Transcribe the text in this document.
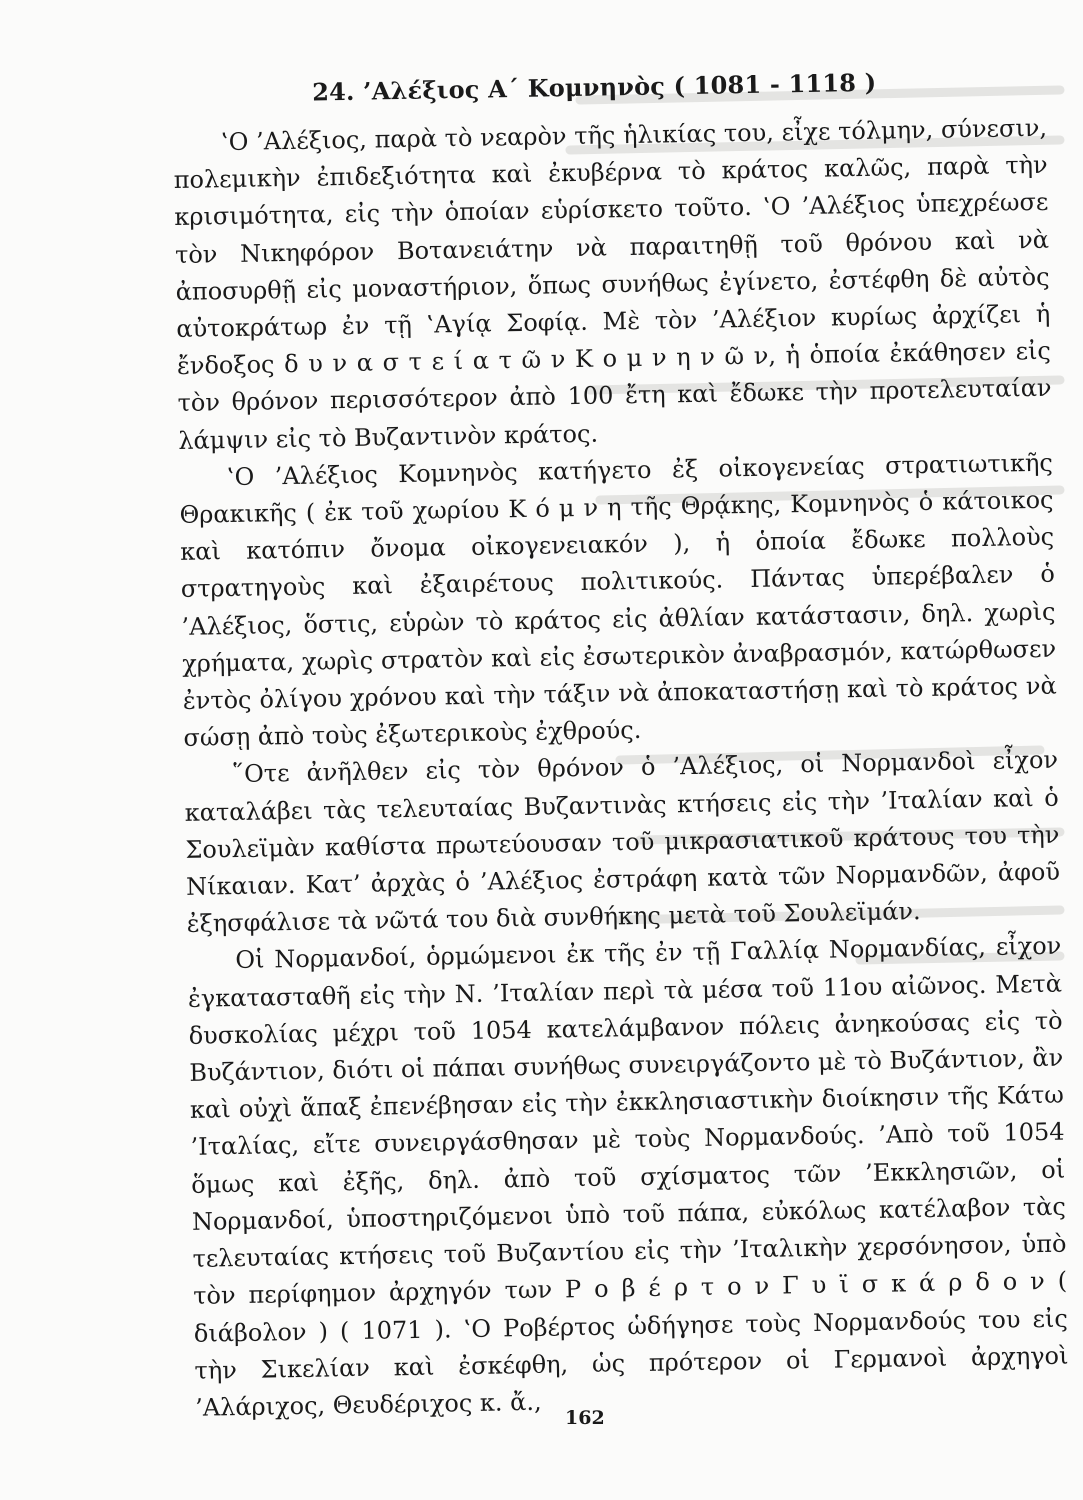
24. ’Αλέξιος Α΄ Κομνηνὸς ( 1081 - 1118 )

‛Ο ’Αλέξιος, παρὰ τὸ νεαρὸν τῆς ἡλικίας του, εἶχε τόλμην, σύνεσιν, πολεμικὴν ἐπιδεξιότητα καὶ ἐκυβέρνα τὸ κράτος καλῶς, παρὰ τὴν κρισιμότητα, εἰς τὴν ὁποίαν εὑρίσκετο τοῦτο. ‛Ο ’Αλέξιος ὑπεχρέωσε τὸν Νικηφόρον Βοτανειάτην νὰ παραιτηθῇ τοῦ θρόνου καὶ νὰ ἀποσυρθῇ εἰς μοναστήριον, ὅπως συνήθως ἐγίνετο, ἐστέφθη δὲ αὐτὸς αὐτοκράτωρ ἐν τῇ ‛Αγίᾳ Σοφίᾳ. Μὲ τὸν ’Αλέξιον κυρίως ἀρχίζει ἡ ἔνδοξος δ υ ν α σ τ ε ί α τ ῶ ν Κ ο μ ν η ν ῶ ν, ἡ ὁποία ἐκάθησεν εἰς τὸν θρόνον περισσότερον ἀπὸ 100 ἔτη καὶ ἔδωκε τὴν προτελευταίαν λάμψιν εἰς τὸ Βυζαντινὸν κράτος.

‛Ο ’Αλέξιος Κομνηνὸς κατήγετο ἐξ οἰκογενείας στρατιωτικῆς Θρακικῆς ( ἐκ τοῦ χωρίου Κ ό μ ν η τῆς Θρᾴκης, Κομνηνὸς ὁ κάτοικος καὶ κατόπιν ὄνομα οἰκογενειακόν ), ἡ ὁποία ἔδωκε πολλοὺς στρατηγοὺς καὶ ἐξαιρέτους πολιτικούς. Πάντας ὑπερέβαλεν ὁ ’Αλέξιος, ὅστις, εὑρὼν τὸ κράτος εἰς ἀθλίαν κατάστασιν, δηλ. χωρὶς χρήματα, χωρὶς στρατὸν καὶ εἰς ἐσωτερικὸν ἀναβρασμόν, κατώρθωσεν ἐντὸς ὀλίγου χρόνου καὶ τὴν τάξιν νὰ ἀποκαταστήσῃ καὶ τὸ κράτος νὰ σώσῃ ἀπὸ τοὺς ἐξωτερικοὺς ἐχθρούς.

῞Οτε ἀνῆλθεν εἰς τὸν θρόνον ὁ ’Αλέξιος, οἱ Νορμανδοὶ εἶχον καταλάβει τὰς τελευταίας Βυζαντινὰς κτήσεις εἰς τὴν ’Ιταλίαν καὶ ὁ Σουλεϊμὰν καθίστα πρωτεύουσαν τοῦ μικρασιατικοῦ κράτους του τὴν Νίκαιαν. Κατ’ ἀρχὰς ὁ ’Αλέξιος ἐστράφη κατὰ τῶν Νορμανδῶν, ἀφοῦ ἐξησφάλισε τὰ νῶτά του διὰ συνθήκης μετὰ τοῦ Σουλεϊμάν.

Οἱ Νορμανδοί, ὁρμώμενοι ἐκ τῆς ἐν τῇ Γαλλίᾳ Νορμανδίας, εἶχον ἐγκατασταθῆ εἰς τὴν Ν. ’Ιταλίαν περὶ τὰ μέσα τοῦ 11ου αἰῶνος. Μετὰ δυσκολίας μέχρι τοῦ 1054 κατελάμβανον πόλεις ἀνηκούσας εἰς τὸ Βυζάντιον, διότι οἱ πάπαι συνήθως συνειργάζοντο μὲ τὸ Βυζάντιον, ἂν καὶ οὐχὶ ἅπαξ ἐπενέβησαν εἰς τὴν ἐκκλησιαστικὴν διοίκησιν τῆς Κάτω ’Ιταλίας, εἴτε συνειργάσθησαν μὲ τοὺς Νορμανδούς. ’Απὸ τοῦ 1054 ὅμως καὶ ἐξῆς, δηλ. ἀπὸ τοῦ σχίσματος τῶν ’Εκκλησιῶν, οἱ Νορμανδοί, ὑποστηριζόμενοι ὑπὸ τοῦ πάπα, εὐκόλως κατέλαβον τὰς τελευταίας κτήσεις τοῦ Βυζαντίου εἰς τὴν ’Ιταλικὴν χερσόνησον, ὑπὸ τὸν περίφημον ἀρχηγόν των Ρ ο β έ ρ τ ο ν Γ υ ϊ σ κ ά ρ δ ο ν ( διάβολον ) ( 1071 ). ‛Ο Ροβέρτος ὡδήγησε τοὺς Νορμανδούς του εἰς τὴν Σικελίαν καὶ ἐσκέφθη, ὡς πρότερον οἱ Γερμανοὶ ἀρχηγοὶ ’Αλάριχος, Θευδέριχος κ. ἄ.,	162
